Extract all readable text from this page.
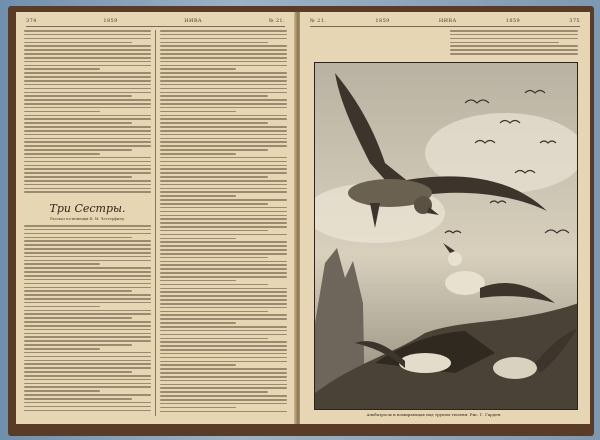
374	1859	НИВА	№ 21.
Три Сестры.
Рассказ по-немецки Ф. М. Честерфилд.
№ 21.	1859	НИВА	1859	375
Альбатросы и помирающая над трупом тюленя. Рис. Г. Гарден.
